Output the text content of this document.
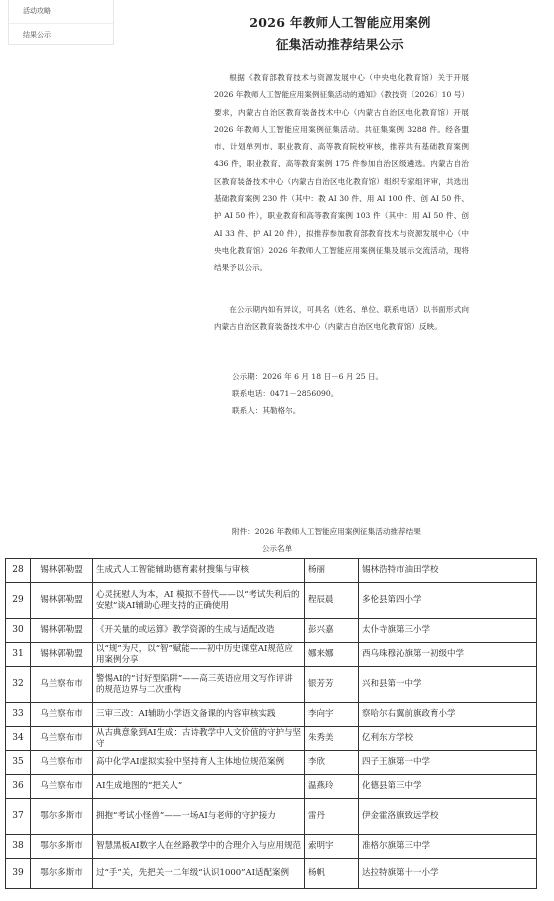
2026 年教师人工智能应用案例
征集活动推荐结果公示

根据《教育部教育技术与资源发展中心（中央电化教育馆）关于开展 2026 年教师人工智能应用案例征集活动的通知》（教技资〔2026〕10 号）要求，内蒙古自治区教育装备技术中心（内蒙古自治区电化教育馆）开展 2026 年教师人工智能应用案例征集活动。共征集案例 3288 件。经各盟市、计划单列市、职业教育、高等教育院校审核，推荐共有基础教育案例 436 件，职业教育、高等教育案例 175 件参加自治区级遴选。内蒙古自治区教育装备技术中心（内蒙古自治区电化教育馆）组织专家组评审，共选出基础教育案例 230 件（其中：教 AI 30 件、用 AI 100 件、创 AI 50 件、护 AI 50 件），职业教育和高等教育案例 103 件（其中：用 AI 50 件、创 AI 33 件、护 AI 20 件），拟推荐参加教育部教育技术与资源发展中心（中央电化教育馆）2026 年教师人工智能应用案例征集及展示交流活动，现将结果予以公示。

在公示期内如有异议，可具名（姓名、单位、联系电话）以书面形式向内蒙古自治区教育装备技术中心（内蒙古自治区电化教育馆）反映。

公示期：2026 年 6 月 18 日－6 月 25 日。
联系电话：0471－2856090。
联系人：其勒格尔。
附件：2026 年教师人工智能应用案例征集活动推荐结果
公示名单
28	锡林郭勒盟	生成式人工智能辅助德育素材搜集与审核	杨丽	锡林浩特市油田学校
29	锡林郭勒盟	心灵抚慰人为本，AI 模拟不替代——以“考试失利后的安慰”谈AI辅助心理支持的正确使用	程辰晨	多伦县第四小学
30	锡林郭勒盟	《开关量的或运算》教学资源的生成与适配改造	彭兴嘉	太仆寺旗第三小学
31	锡林郭勒盟	以“规”为尺，以“智”赋能——初中历史课堂AI规范应用案例分享	娜来娜	西乌珠穆沁旗第一初级中学
32	乌兰察布市	警惕AI的“讨好型陷阱”——高三英语应用文写作评讲的规范边界与二次重构	银芳芳	兴和县第一中学
33	乌兰察布市	三审三改：AI辅助小学语文备课的内容审核实践	李向宇	察哈尔右翼前旗政育小学
34	乌兰察布市	从古典意象到AI生成：古诗教学中人文价值的守护与坚守	朱秀美	亿利东方学校
35	乌兰察布市	高中化学AI虚拟实验中坚持育人主体地位规范案例	李欣	四子王旗第一中学
36	乌兰察布市	AI生成地图的“把关人”	温燕玲	化德县第三中学
37	鄂尔多斯市	拥抱“考试小怪兽”——一场AI与老师的守护接力	雷丹	伊金霍洛旗致远学校
38	鄂尔多斯市	智慧黑板AI数字人在丝路教学中的合理介入与应用规范	索明宇	准格尔旗第三中学
39	鄂尔多斯市	过“手”关，先把关一二年级“认识1000”AI适配案例	杨帆	达拉特旗第十一小学
活动攻略
结果公示
